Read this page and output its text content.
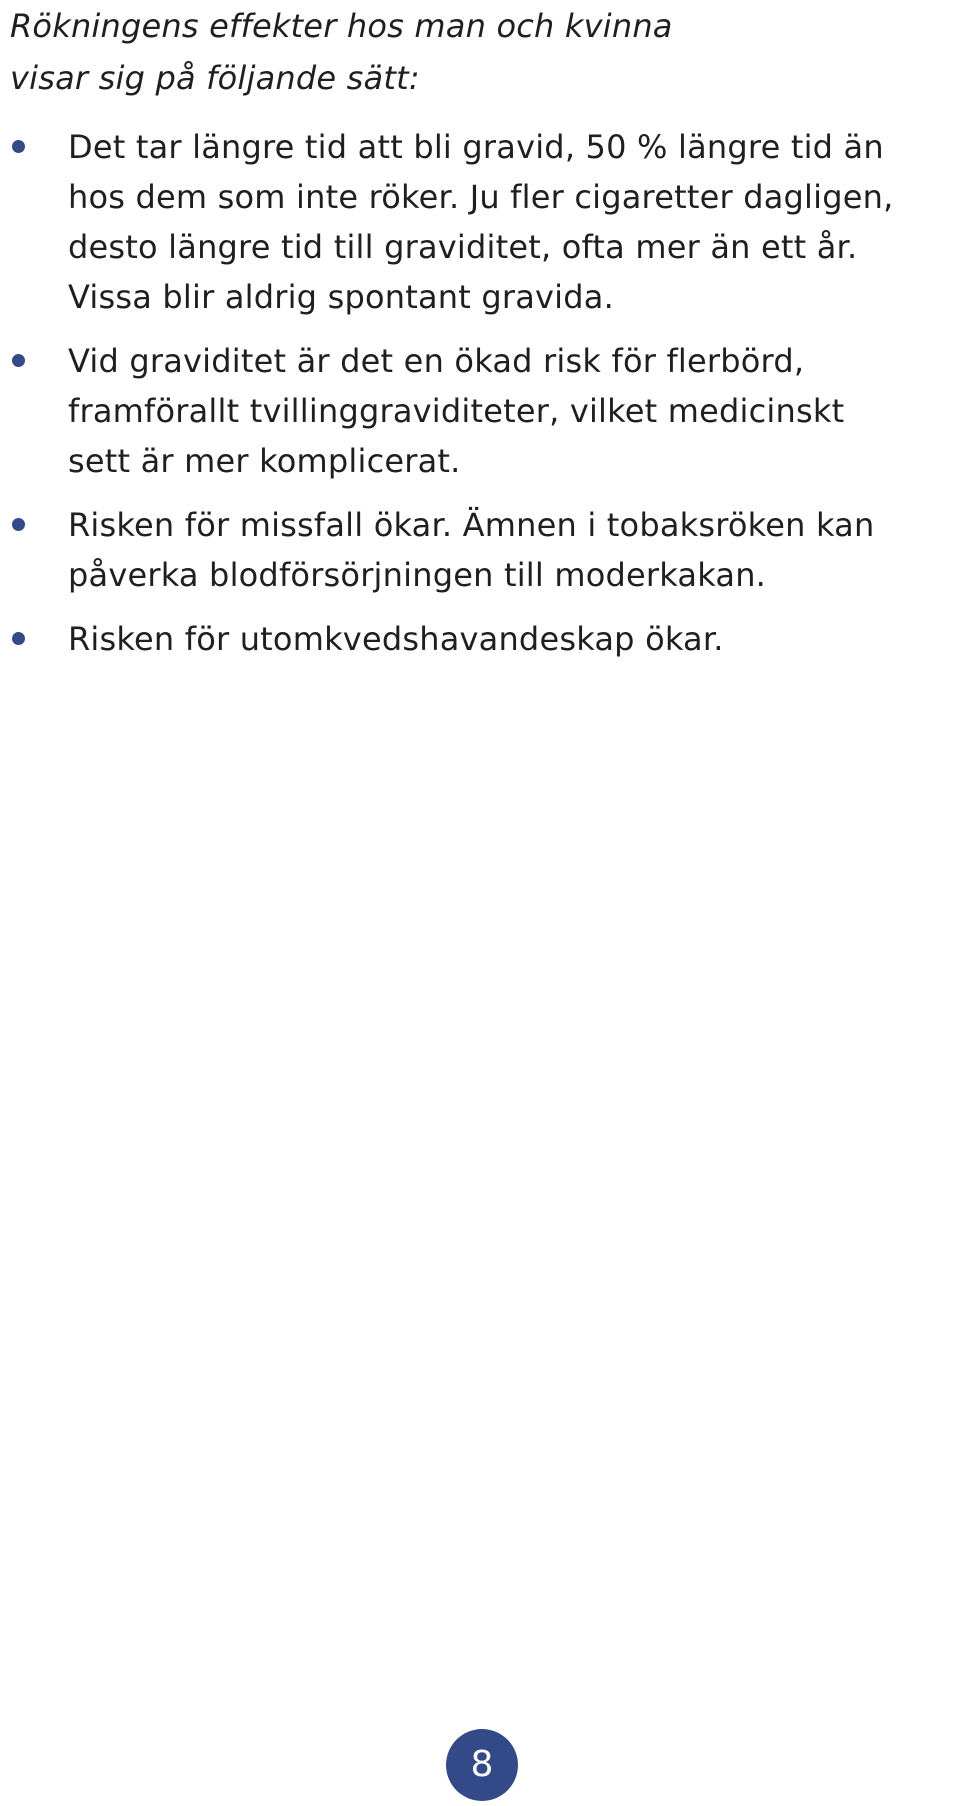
Rökningens effekter hos man och kvinna
visar sig på följande sätt:

Det tar längre tid att bli gravid, 50 % längre tid än
hos dem som inte röker. Ju fler cigaretter dagligen,
desto längre tid till graviditet, ofta mer än ett år.
Vissa blir aldrig spontant gravida.
Vid graviditet är det en ökad risk för flerbörd,
framförallt tvillinggraviditeter, vilket medicinskt
sett är mer komplicerat.
Risken för missfall ökar. Ämnen i tobaksröken kan
påverka blodförsörjningen till moderkakan.
Risken för utomkvedshavandeskap ökar.
8
